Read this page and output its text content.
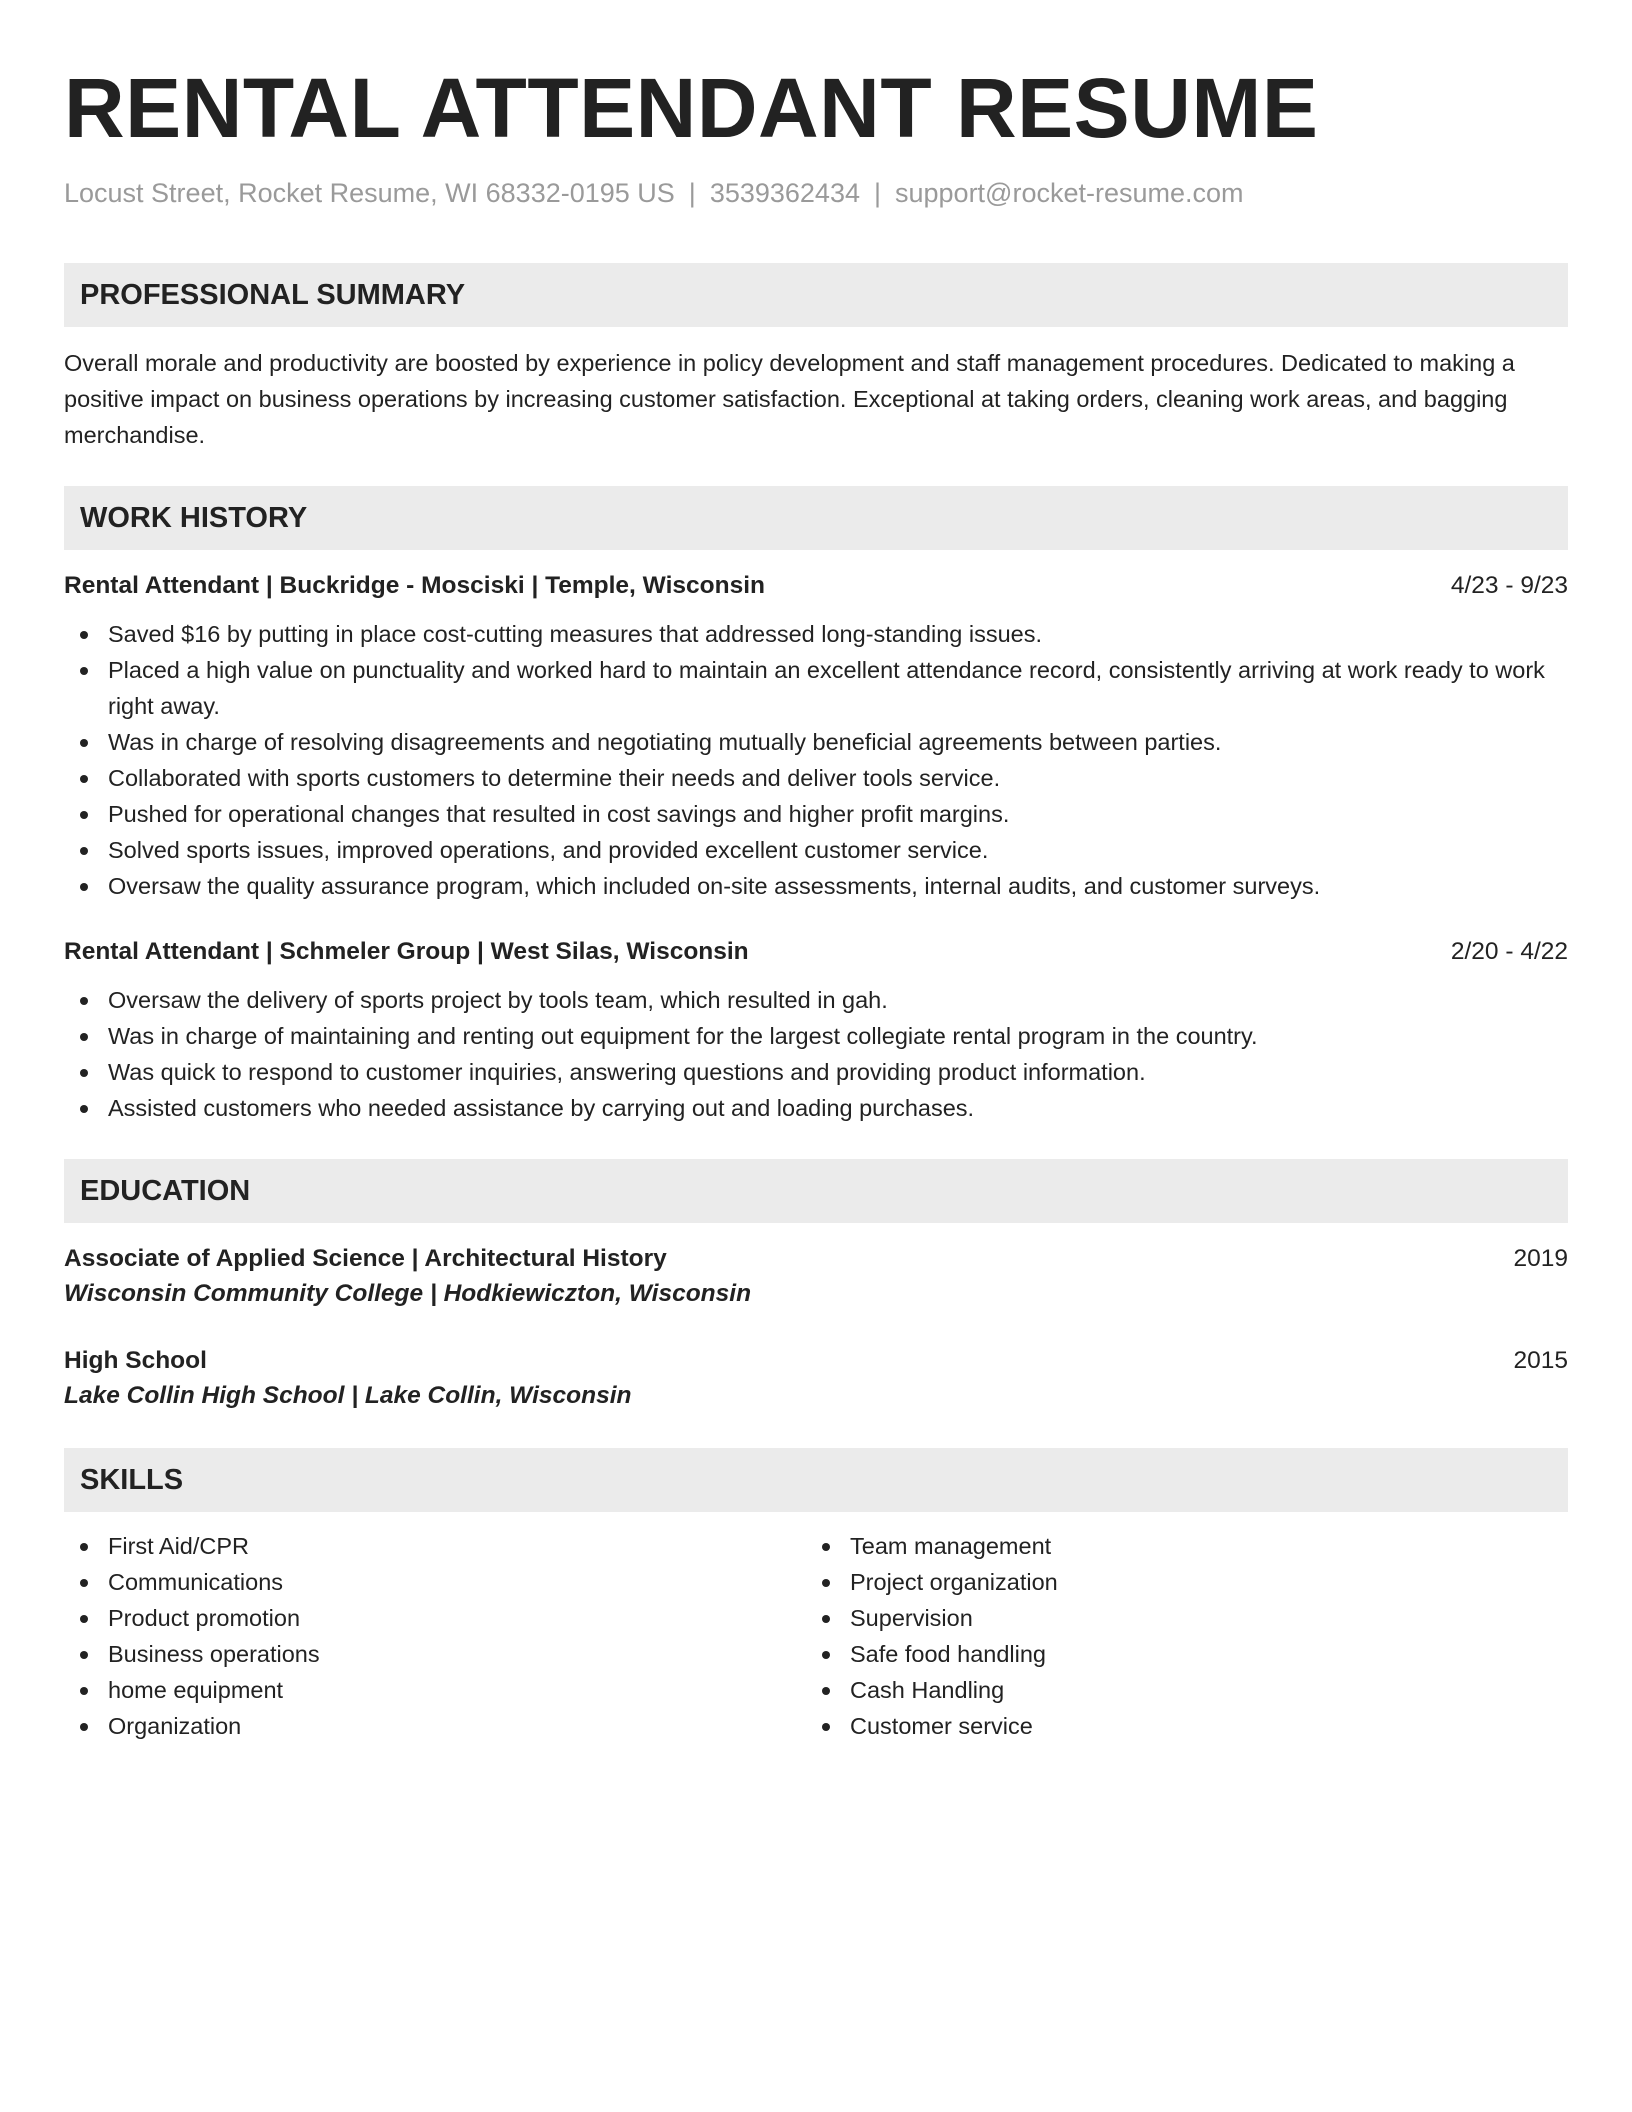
RENTAL ATTENDANT RESUME
Locust Street, Rocket Resume, WI 68332-0195 US | 3539362434 | support@rocket-resume.com
PROFESSIONAL SUMMARY
Overall morale and productivity are boosted by experience in policy development and staff management procedures. Dedicated to making a positive impact on business operations by increasing customer satisfaction. Exceptional at taking orders, cleaning work areas, and bagging merchandise.
WORK HISTORY
Rental Attendant | Buckridge - Mosciski | Temple, Wisconsin	4/23 - 9/23
Saved $16 by putting in place cost-cutting measures that addressed long-standing issues.
Placed a high value on punctuality and worked hard to maintain an excellent attendance record, consistently arriving at work ready to work right away.
Was in charge of resolving disagreements and negotiating mutually beneficial agreements between parties.
Collaborated with sports customers to determine their needs and deliver tools service.
Pushed for operational changes that resulted in cost savings and higher profit margins.
Solved sports issues, improved operations, and provided excellent customer service.
Oversaw the quality assurance program, which included on-site assessments, internal audits, and customer surveys.
Rental Attendant | Schmeler Group | West Silas, Wisconsin	2/20 - 4/22
Oversaw the delivery of sports project by tools team, which resulted in gah.
Was in charge of maintaining and renting out equipment for the largest collegiate rental program in the country.
Was quick to respond to customer inquiries, answering questions and providing product information.
Assisted customers who needed assistance by carrying out and loading purchases.
EDUCATION
Associate of Applied Science | Architectural History	2019
Wisconsin Community College | Hodkiewiczton, Wisconsin
High School	2015
Lake Collin High School | Lake Collin, Wisconsin
SKILLS
First Aid/CPR
Communications
Product promotion
Business operations
home equipment
Organization
Team management
Project organization
Supervision
Safe food handling
Cash Handling
Customer service
